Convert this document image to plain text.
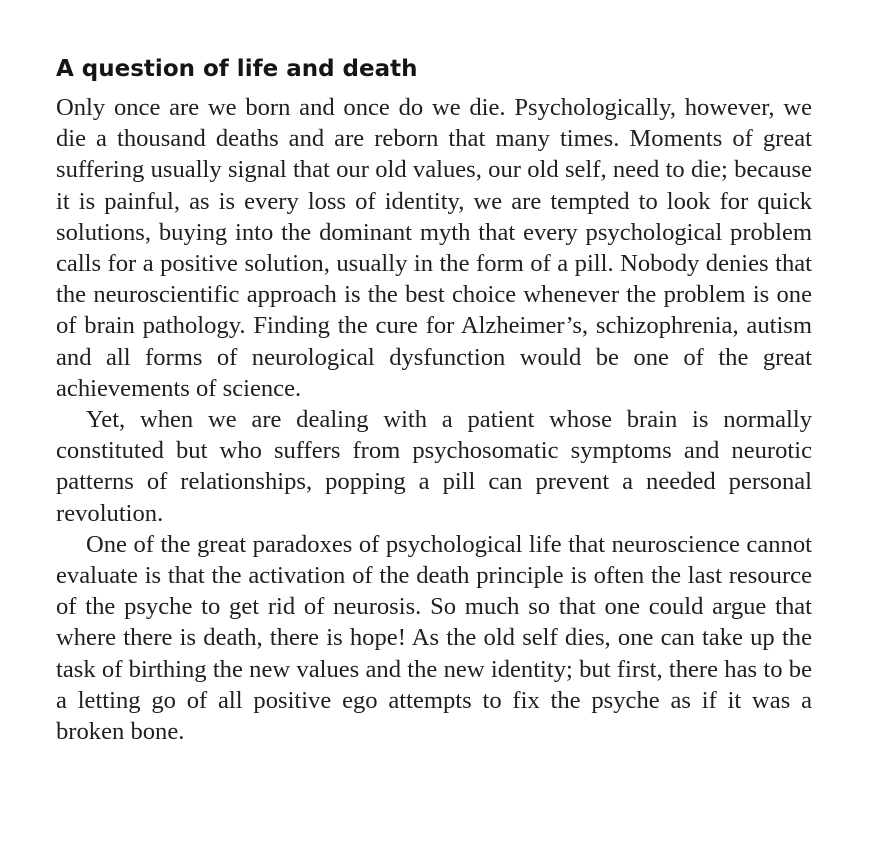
A question of life and death

Only once are we born and once do we die. Psychologically, however, we die a thousand deaths and are reborn that many times. Moments of great suffering usually signal that our old values, our old self, need to die; because it is painful, as is every loss of identity, we are tempted to look for quick solutions, buying into the dominant myth that every psychological problem calls for a positive solution, usually in the form of a pill. Nobody denies that the neuroscientific approach is the best choice whenever the problem is one of brain pathology. Finding the cure for Alzheimer’s, schizophrenia, autism and all forms of neurological dysfunction would be one of the great achievements of science.

Yet, when we are dealing with a patient whose brain is normally constituted but who suffers from psychosomatic symptoms and neurotic patterns of relationships, popping a pill can prevent a needed personal revolution.

One of the great paradoxes of psychological life that neuroscience cannot evaluate is that the activation of the death principle is often the last resource of the psyche to get rid of neurosis. So much so that one could argue that where there is death, there is hope! As the old self dies, one can take up the task of birthing the new values and the new identity; but first, there has to be a letting go of all positive ego attempts to fix the psyche as if it was a broken bone.
